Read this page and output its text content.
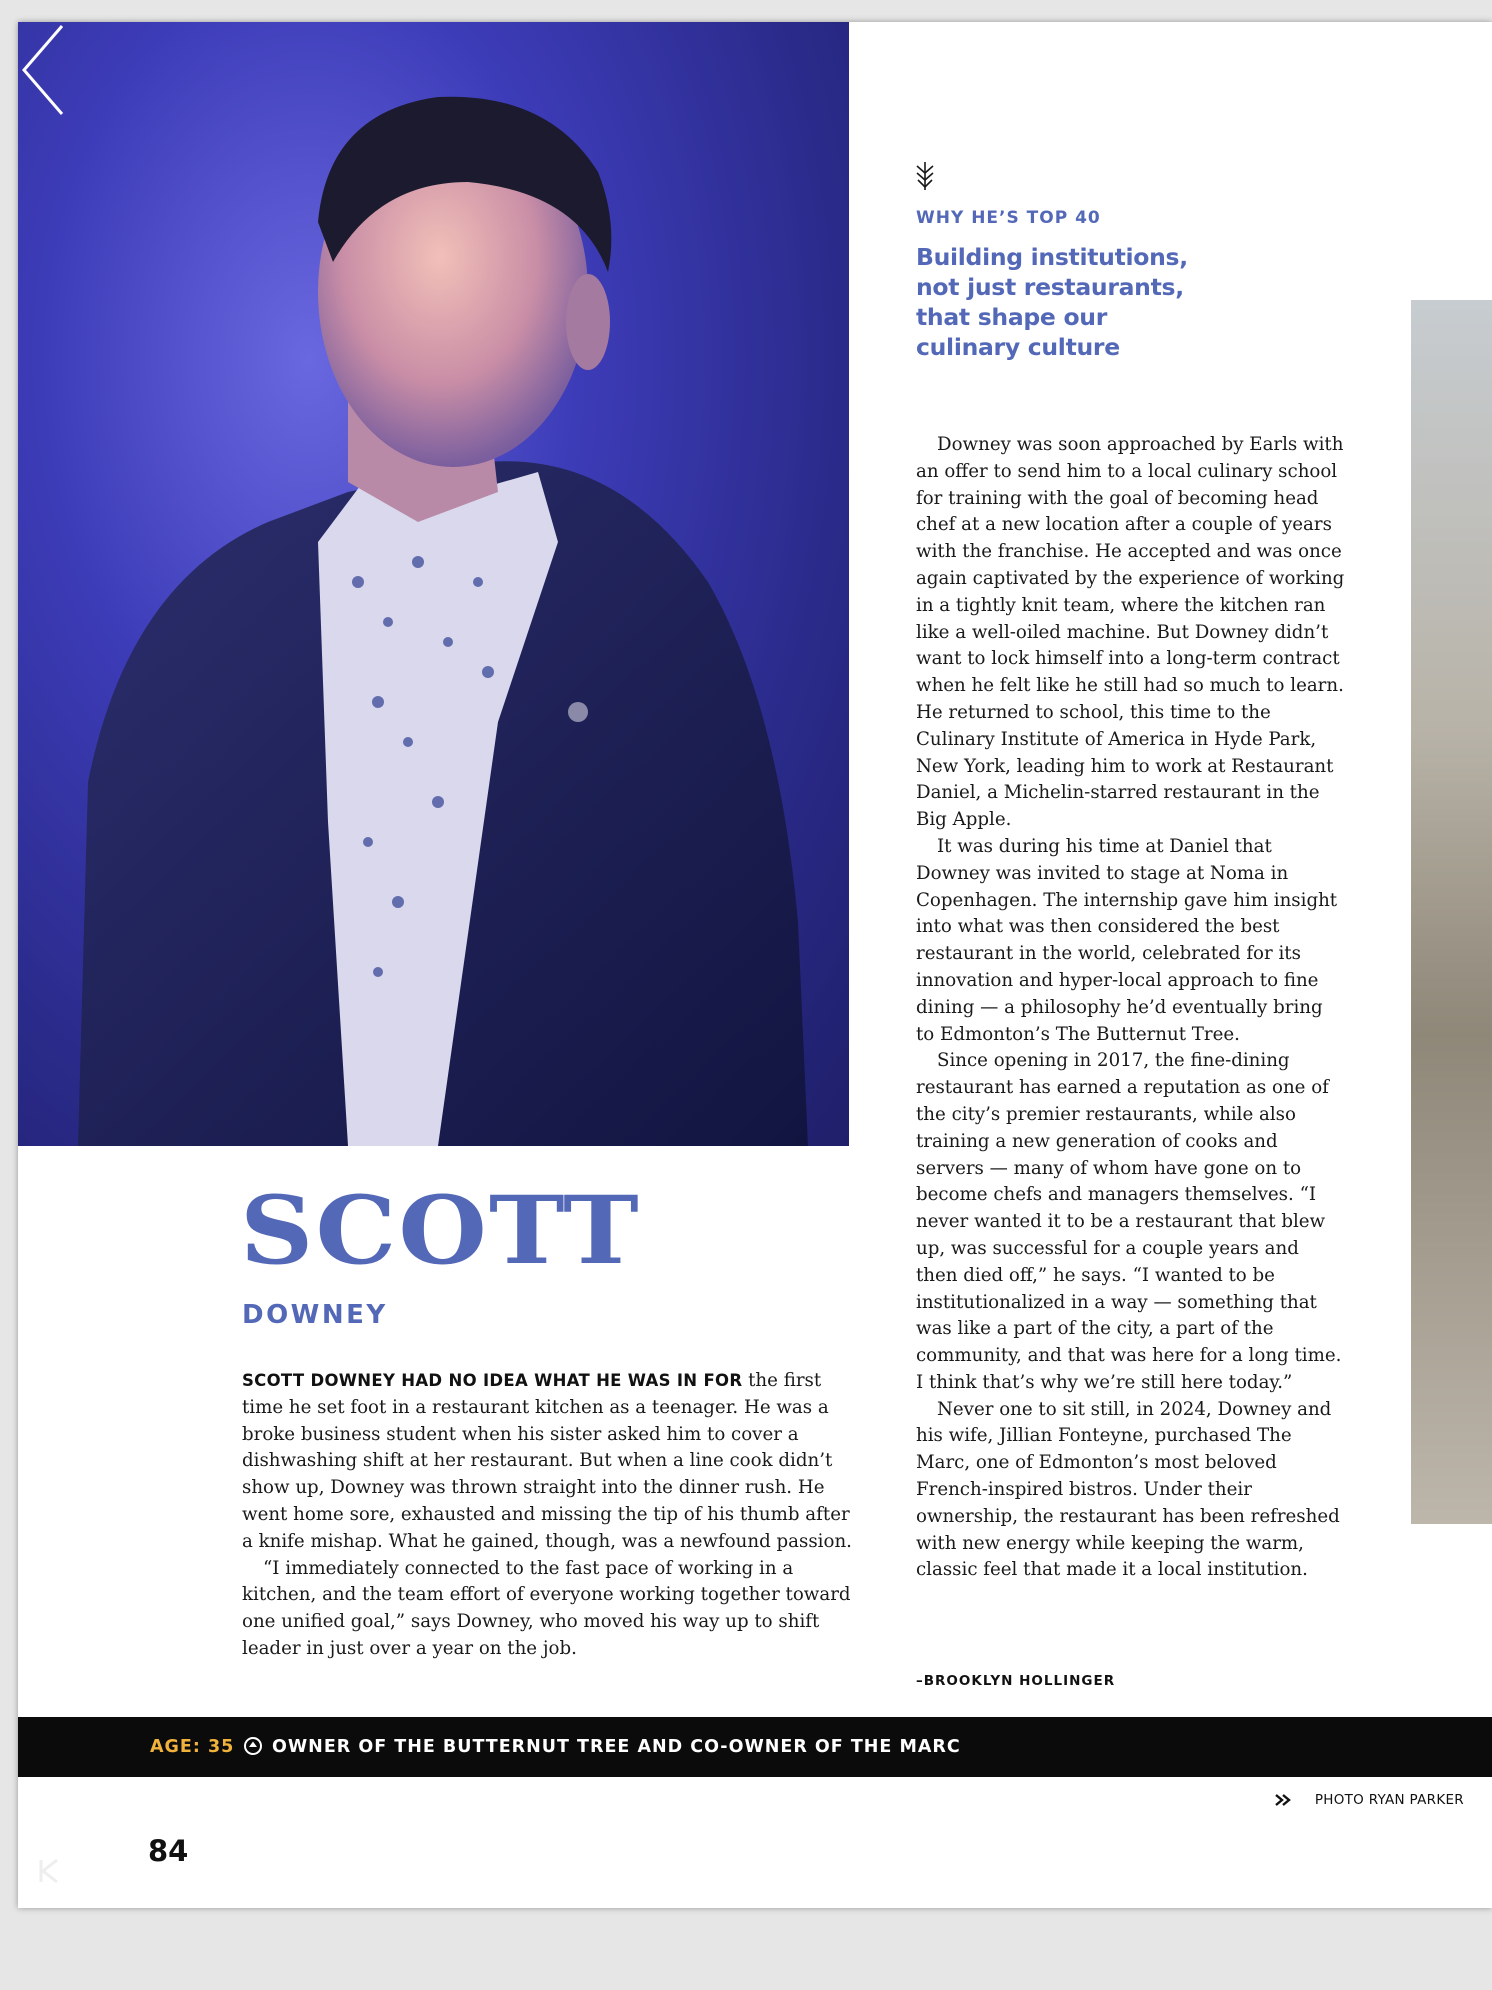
WHY HE’S TOP 40
Building institutions, not just restaurants, that shape our culinary culture

Downey was soon approached by Earls with an offer to send him to a local culinary school for training with the goal of becoming head chef at a new location after a couple of years with the franchise. He accepted and was once again captivated by the experience of working in a tightly knit team, where the kitchen ran like a well-oiled machine. But Downey didn’t want to lock himself into a long-term contract when he felt like he still had so much to learn. He returned to school, this time to the Culinary Institute of America in Hyde Park, New York, leading him to work at Restaurant Daniel, a Michelin-starred restaurant in the Big Apple.

It was during his time at Daniel that Downey was invited to stage at Noma in Copenhagen. The internship gave him insight into what was then considered the best restaurant in the world, celebrated for its innovation and hyper-local approach to fine dining — a philosophy he’d eventually bring to Edmonton’s The Butternut Tree.

Since opening in 2017, the fine-dining restaurant has earned a reputation as one of the city’s premier restaurants, while also training a new generation of cooks and servers — many of whom have gone on to become chefs and managers themselves. “I never wanted it to be a restaurant that blew up, was successful for a couple years and then died off,” he says. “I wanted to be institutionalized in a way — something that was like a part of the city, a part of the community, and that was here for a long time. I think that’s why we’re still here today.”

Never one to sit still, in 2024, Downey and his wife, Jillian Fonteyne, purchased The Marc, one of Edmonton’s most beloved French-inspired bistros. Under their ownership, the restaurant has been refreshed with new energy while keeping the warm, classic feel that made it a local institution.

–BROOKLYN HOLLINGER
SCOTT
DOWNEY

SCOTT DOWNEY HAD NO IDEA WHAT HE WAS IN FOR the first time he set foot in a restaurant kitchen as a teenager. He was a broke business student when his sister asked him to cover a dishwashing shift at her restaurant. But when a line cook didn’t show up, Downey was thrown straight into the dinner rush. He went home sore, exhausted and missing the tip of his thumb after a knife mishap. What he gained, though, was a newfound passion.

“I immediately connected to the fast pace of working in a kitchen, and the team effort of everyone working together toward one unified goal,” says Downey, who moved his way up to shift leader in just over a year on the job.

AGE: 35 OWNER OF THE BUTTERNUT TREE AND CO-OWNER OF THE MARC
PHOTO RYAN PARKER
84
